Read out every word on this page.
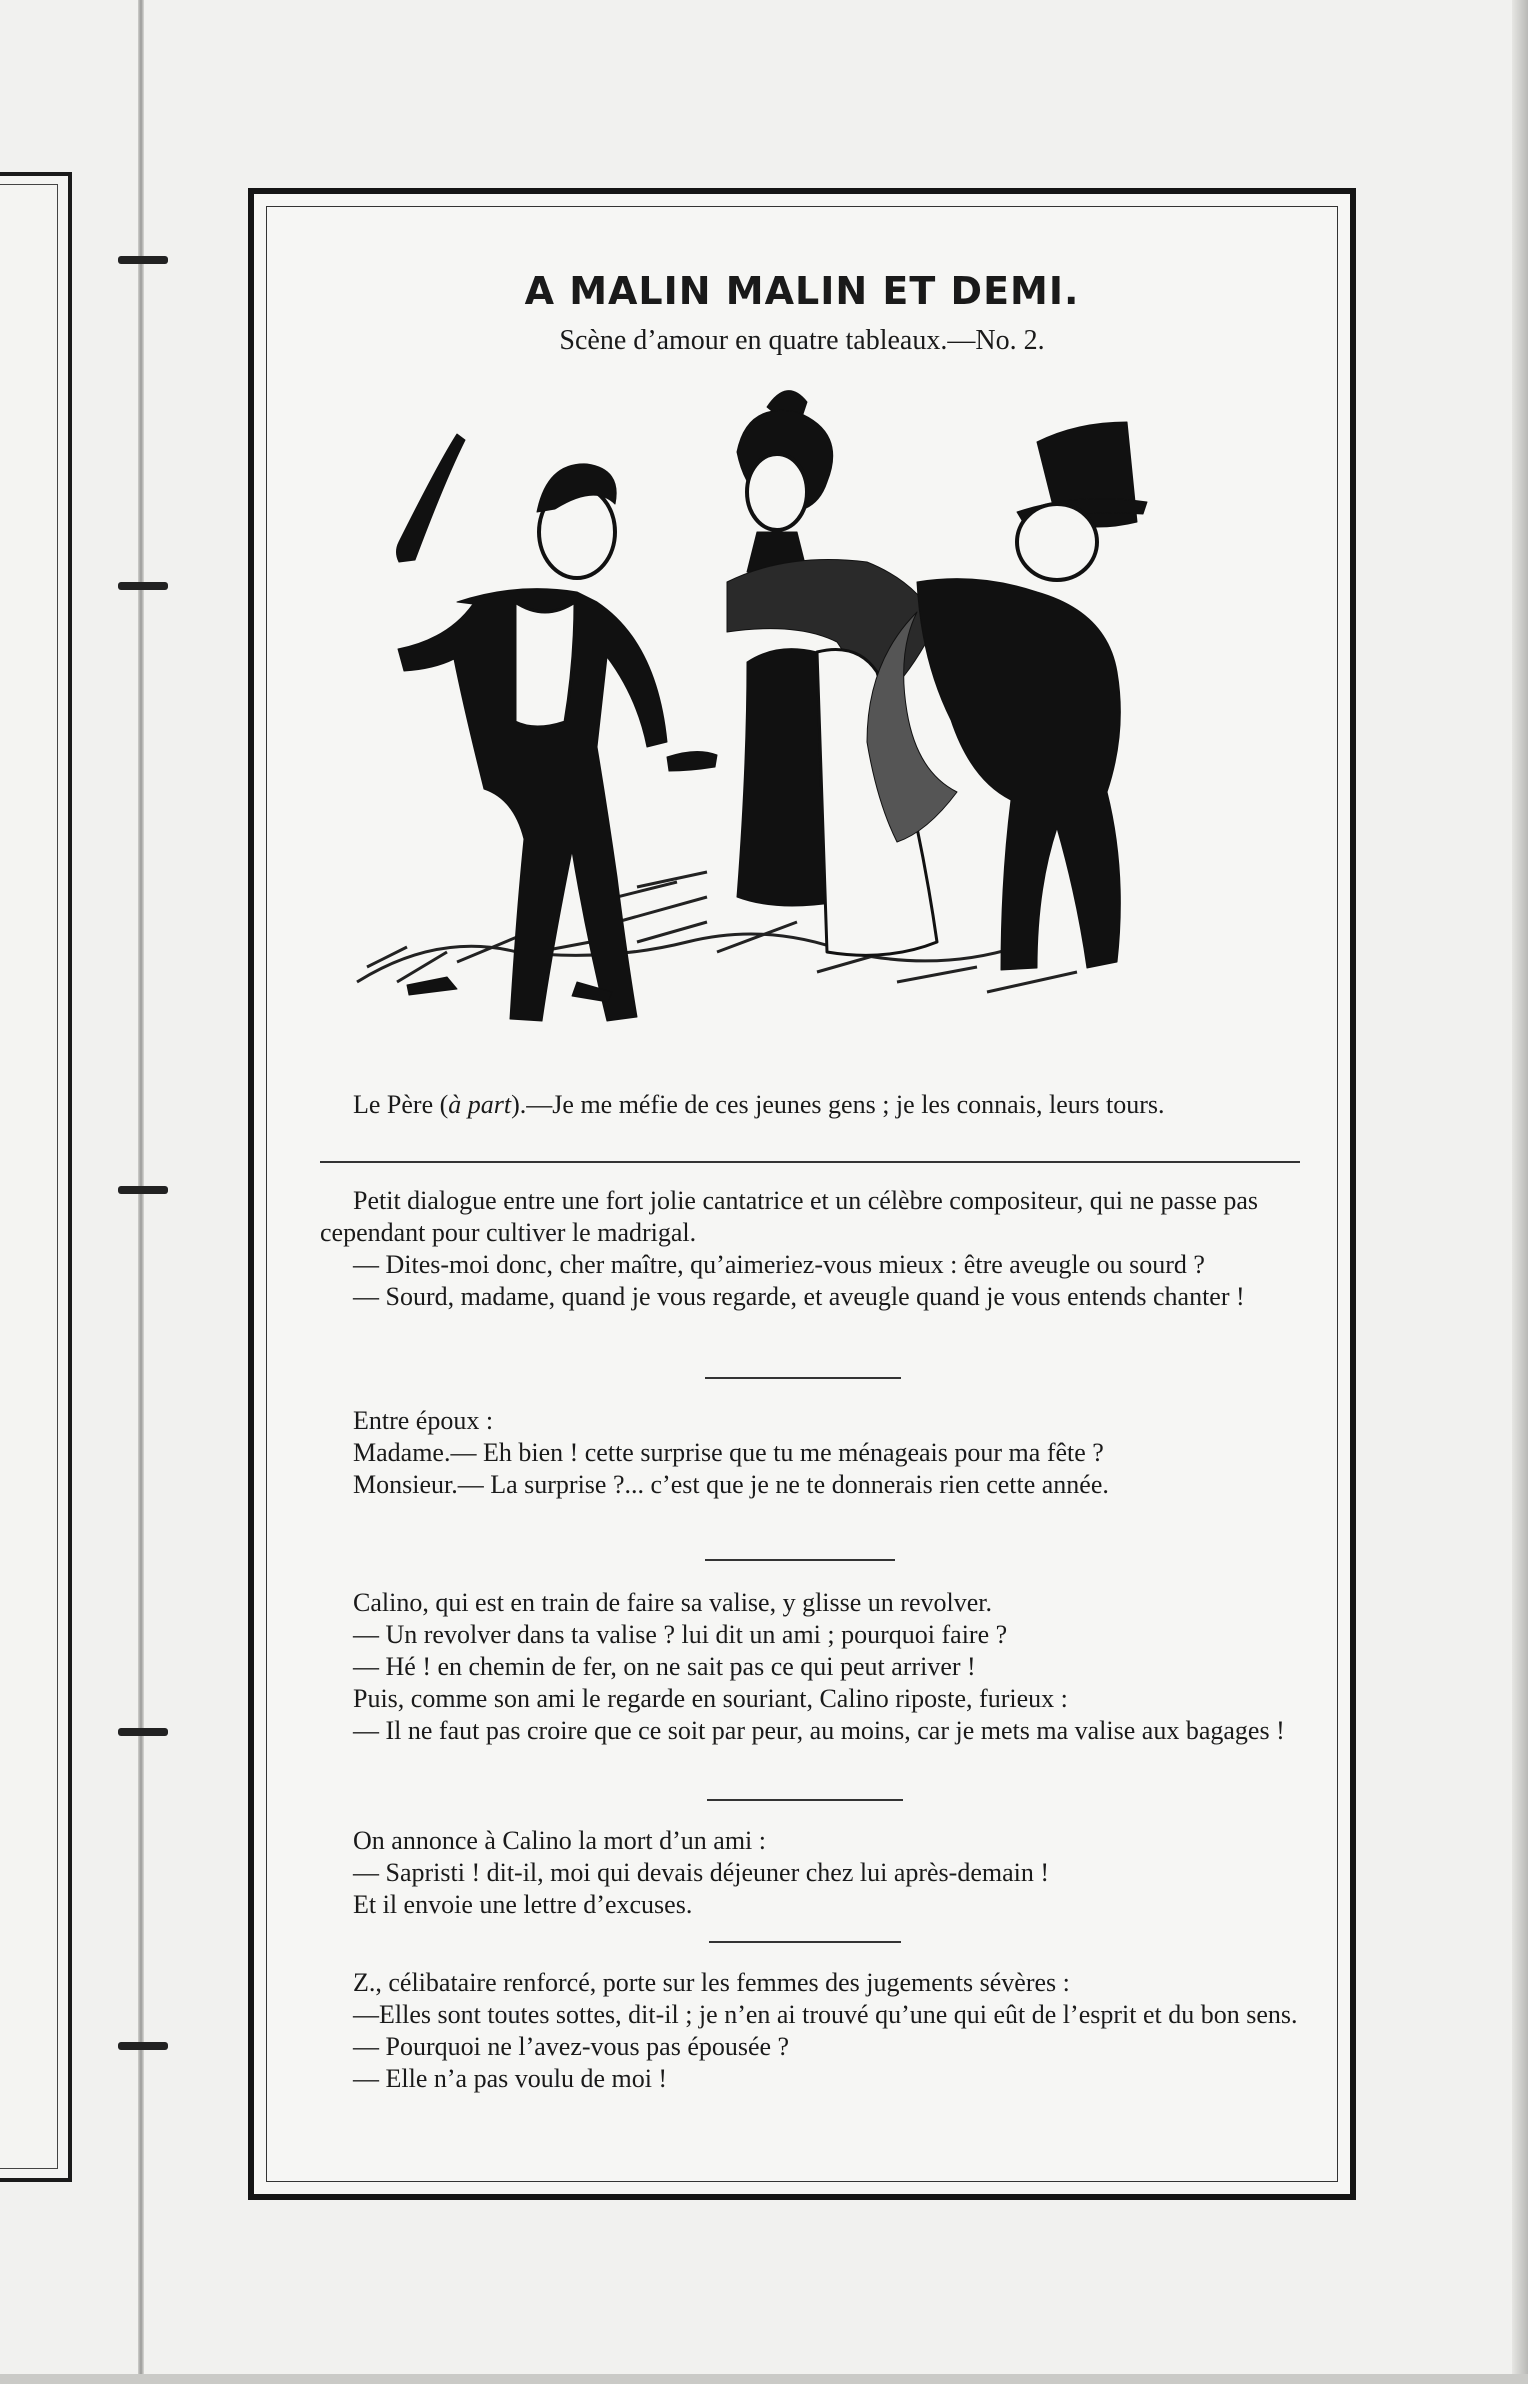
A MALIN MALIN ET DEMI.

Scène d’amour en quatre tableaux.—No. 2.

Le Père (à part).—Je me méfie de ces jeunes gens ; je les connais, leurs tours.

Petit dialogue entre une fort jolie cantatrice et un célèbre compositeur, qui ne passe pas cependant pour cultiver le madrigal.

— Dites-moi donc, cher maître, qu’aimeriez-vous mieux : être aveugle ou sourd ?

— Sourd, madame, quand je vous regarde, et aveugle quand je vous entends chanter !

Entre époux :

Madame.— Eh bien ! cette surprise que tu me ménageais pour ma fête ?

Monsieur.— La surprise ?... c’est que je ne te donnerais rien cette année.

Calino, qui est en train de faire sa valise, y glisse un revolver.

— Un revolver dans ta valise ? lui dit un ami ; pourquoi faire ?

— Hé ! en chemin de fer, on ne sait pas ce qui peut arriver !

Puis, comme son ami le regarde en souriant, Calino riposte, furieux :

— Il ne faut pas croire que ce soit par peur, au moins, car je mets ma valise aux bagages !

On annonce à Calino la mort d’un ami :

— Sapristi ! dit-il, moi qui devais déjeuner chez lui après-demain !

Et il envoie une lettre d’excuses.

Z., célibataire renforcé, porte sur les femmes des jugements sévères :

—Elles sont toutes sottes, dit-il ; je n’en ai trouvé qu’une qui eût de l’esprit et du bon sens.

— Pourquoi ne l’avez-vous pas épousée ?

— Elle n’a pas voulu de moi !
